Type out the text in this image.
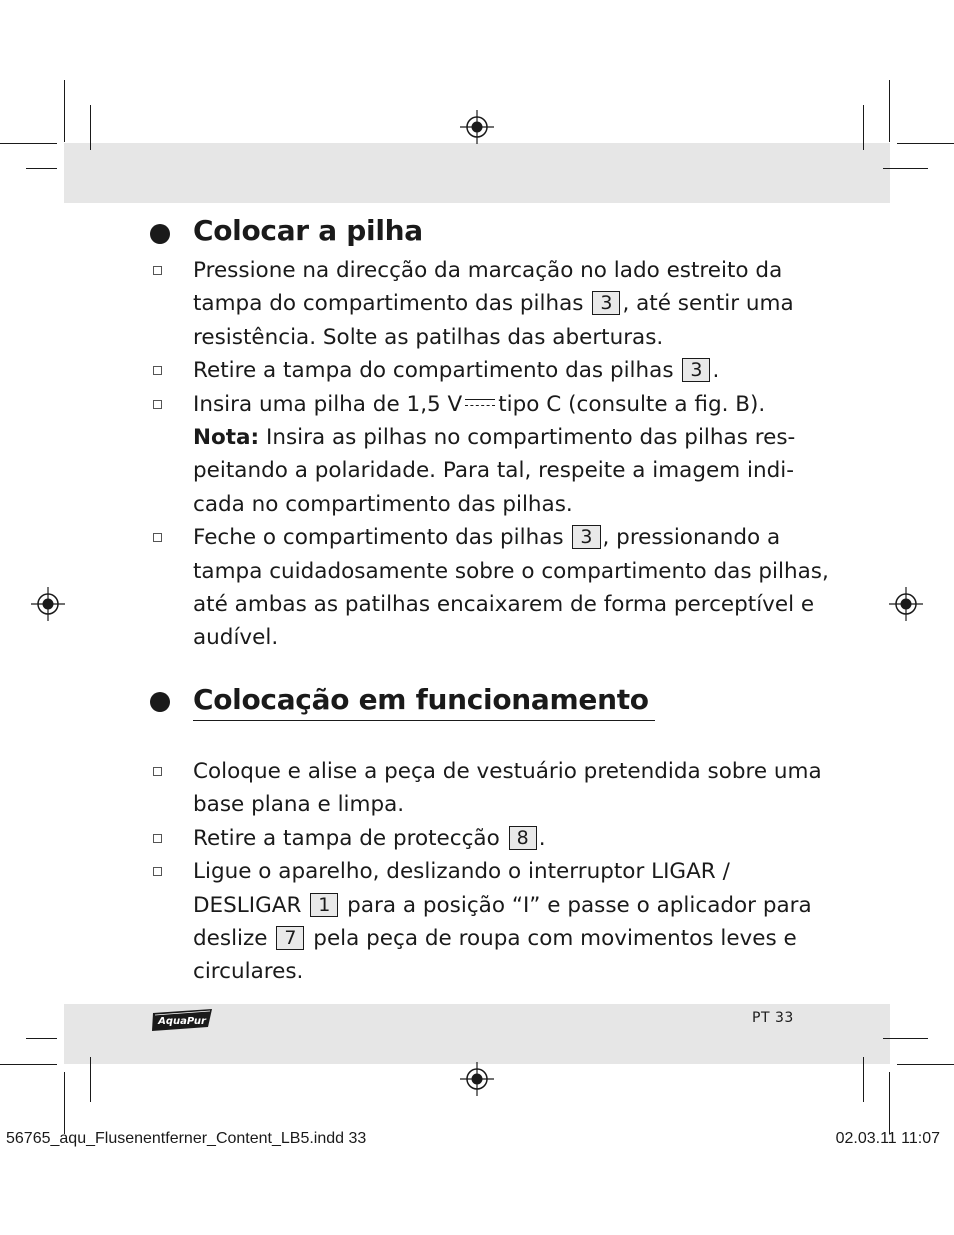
Colocar a pilha
Pressione na direcção da marcação no lado estreito da tampa do compartimento das pilhas 3 , até sentir uma resistência. Solte as patilhas das aberturas.
Retire a tampa do compartimento das pilhas 3 .
Insira uma pilha de 1,5 V tipo C (consulte a fig. B).
Nota: Insira as pilhas no compartimento das pilhas res-peitando a polaridade. Para tal, respeite a imagem indi-cada no compartimento das pilhas.
Feche o compartimento das pilhas 3 , pressionando a tampa cuidadosamente sobre o compartimento das pilhas, até ambas as patilhas encaixarem de forma perceptível e audível.
Colocação em funcionamento
Coloque e alise a peça de vestuário pretendida sobre uma base plana e limpa.
Retire a tampa de protecção 8 .
Ligue o aparelho, deslizando o interruptor LIGAR / DESLIGAR 1 para a posição “I” e passe o aplicador para deslize 7 pela peça de roupa com movimentos leves e circulares.
AquaPur	PT 33
56765_aqu_Flusenentferner_Content_LB5.indd 33	02.03.11 11:07
